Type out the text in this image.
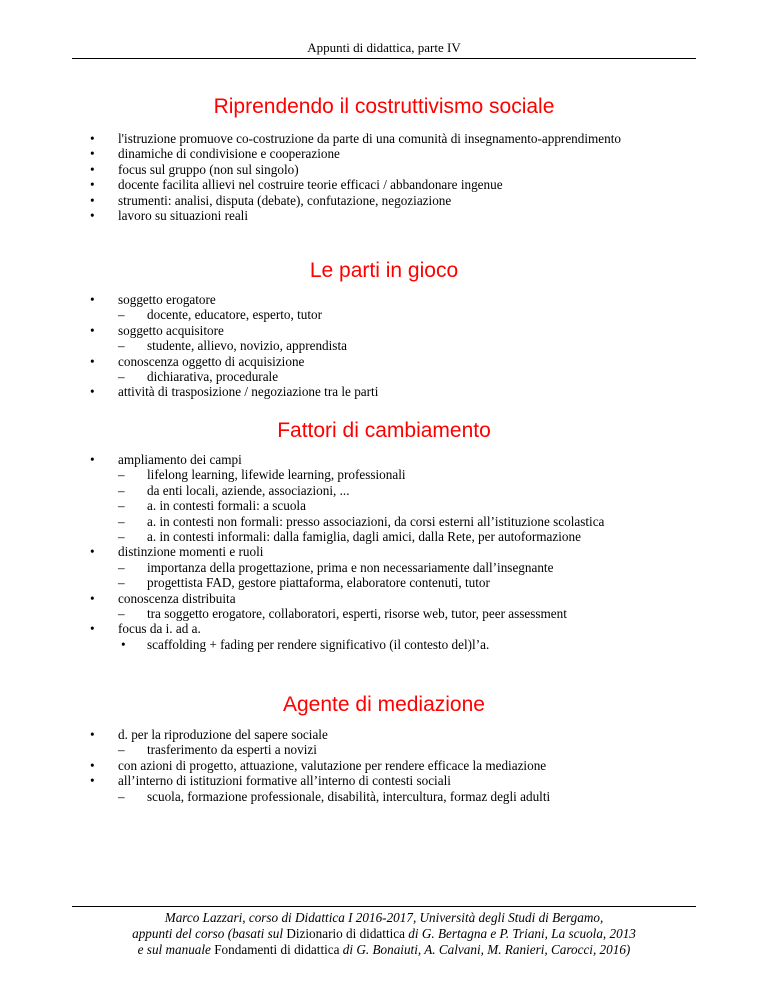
Appunti di didattica, parte IV
Riprendendo il costruttivismo sociale
• l'istruzione promuove co-costruzione da parte di una comunità di insegnamento-apprendimento
• dinamiche di condivisione e cooperazione
• focus sul gruppo (non sul singolo)
• docente facilita allievi nel costruire teorie efficaci / abbandonare ingenue
• strumenti: analisi, disputa (debate), confutazione, negoziazione
• lavoro su situazioni reali
Le parti in gioco
• soggetto erogatore
– docente, educatore, esperto, tutor
• soggetto acquisitore
– studente, allievo, novizio, apprendista
• conoscenza oggetto di acquisizione
– dichiarativa, procedurale
• attività di trasposizione / negoziazione tra le parti
Fattori di cambiamento
• ampliamento dei campi
– lifelong learning, lifewide learning, professionali
– da enti locali, aziende, associazioni, ...
– a. in contesti formali: a scuola
– a. in contesti non formali: presso associazioni, da corsi esterni all’istituzione scolastica
– a. in contesti informali: dalla famiglia, dagli amici, dalla Rete, per autoformazione
• distinzione momenti e ruoli
– importanza della progettazione, prima e non necessariamente dall’insegnante
– progettista FAD, gestore piattaforma, elaboratore contenuti, tutor
• conoscenza distribuita
– tra soggetto erogatore, collaboratori, esperti, risorse web, tutor, peer assessment
• focus da i. ad a.
• scaffolding + fading per rendere significativo (il contesto del)l’a.
Agente di mediazione
• d. per la riproduzione del sapere sociale
– trasferimento da esperti a novizi
• con azioni di progetto, attuazione, valutazione per rendere efficace la mediazione
• all’interno di istituzioni formative all’interno di contesti sociali
– scuola, formazione professionale, disabilità, intercultura, formaz degli adulti
Marco Lazzari, corso di Didattica I 2016-2017, Università degli Studi di Bergamo,
appunti del corso (basati sul Dizionario di didattica di G. Bertagna e P. Triani, La scuola, 2013
e sul manuale Fondamenti di didattica di G. Bonaiuti, A. Calvani, M. Ranieri, Carocci, 2016)
